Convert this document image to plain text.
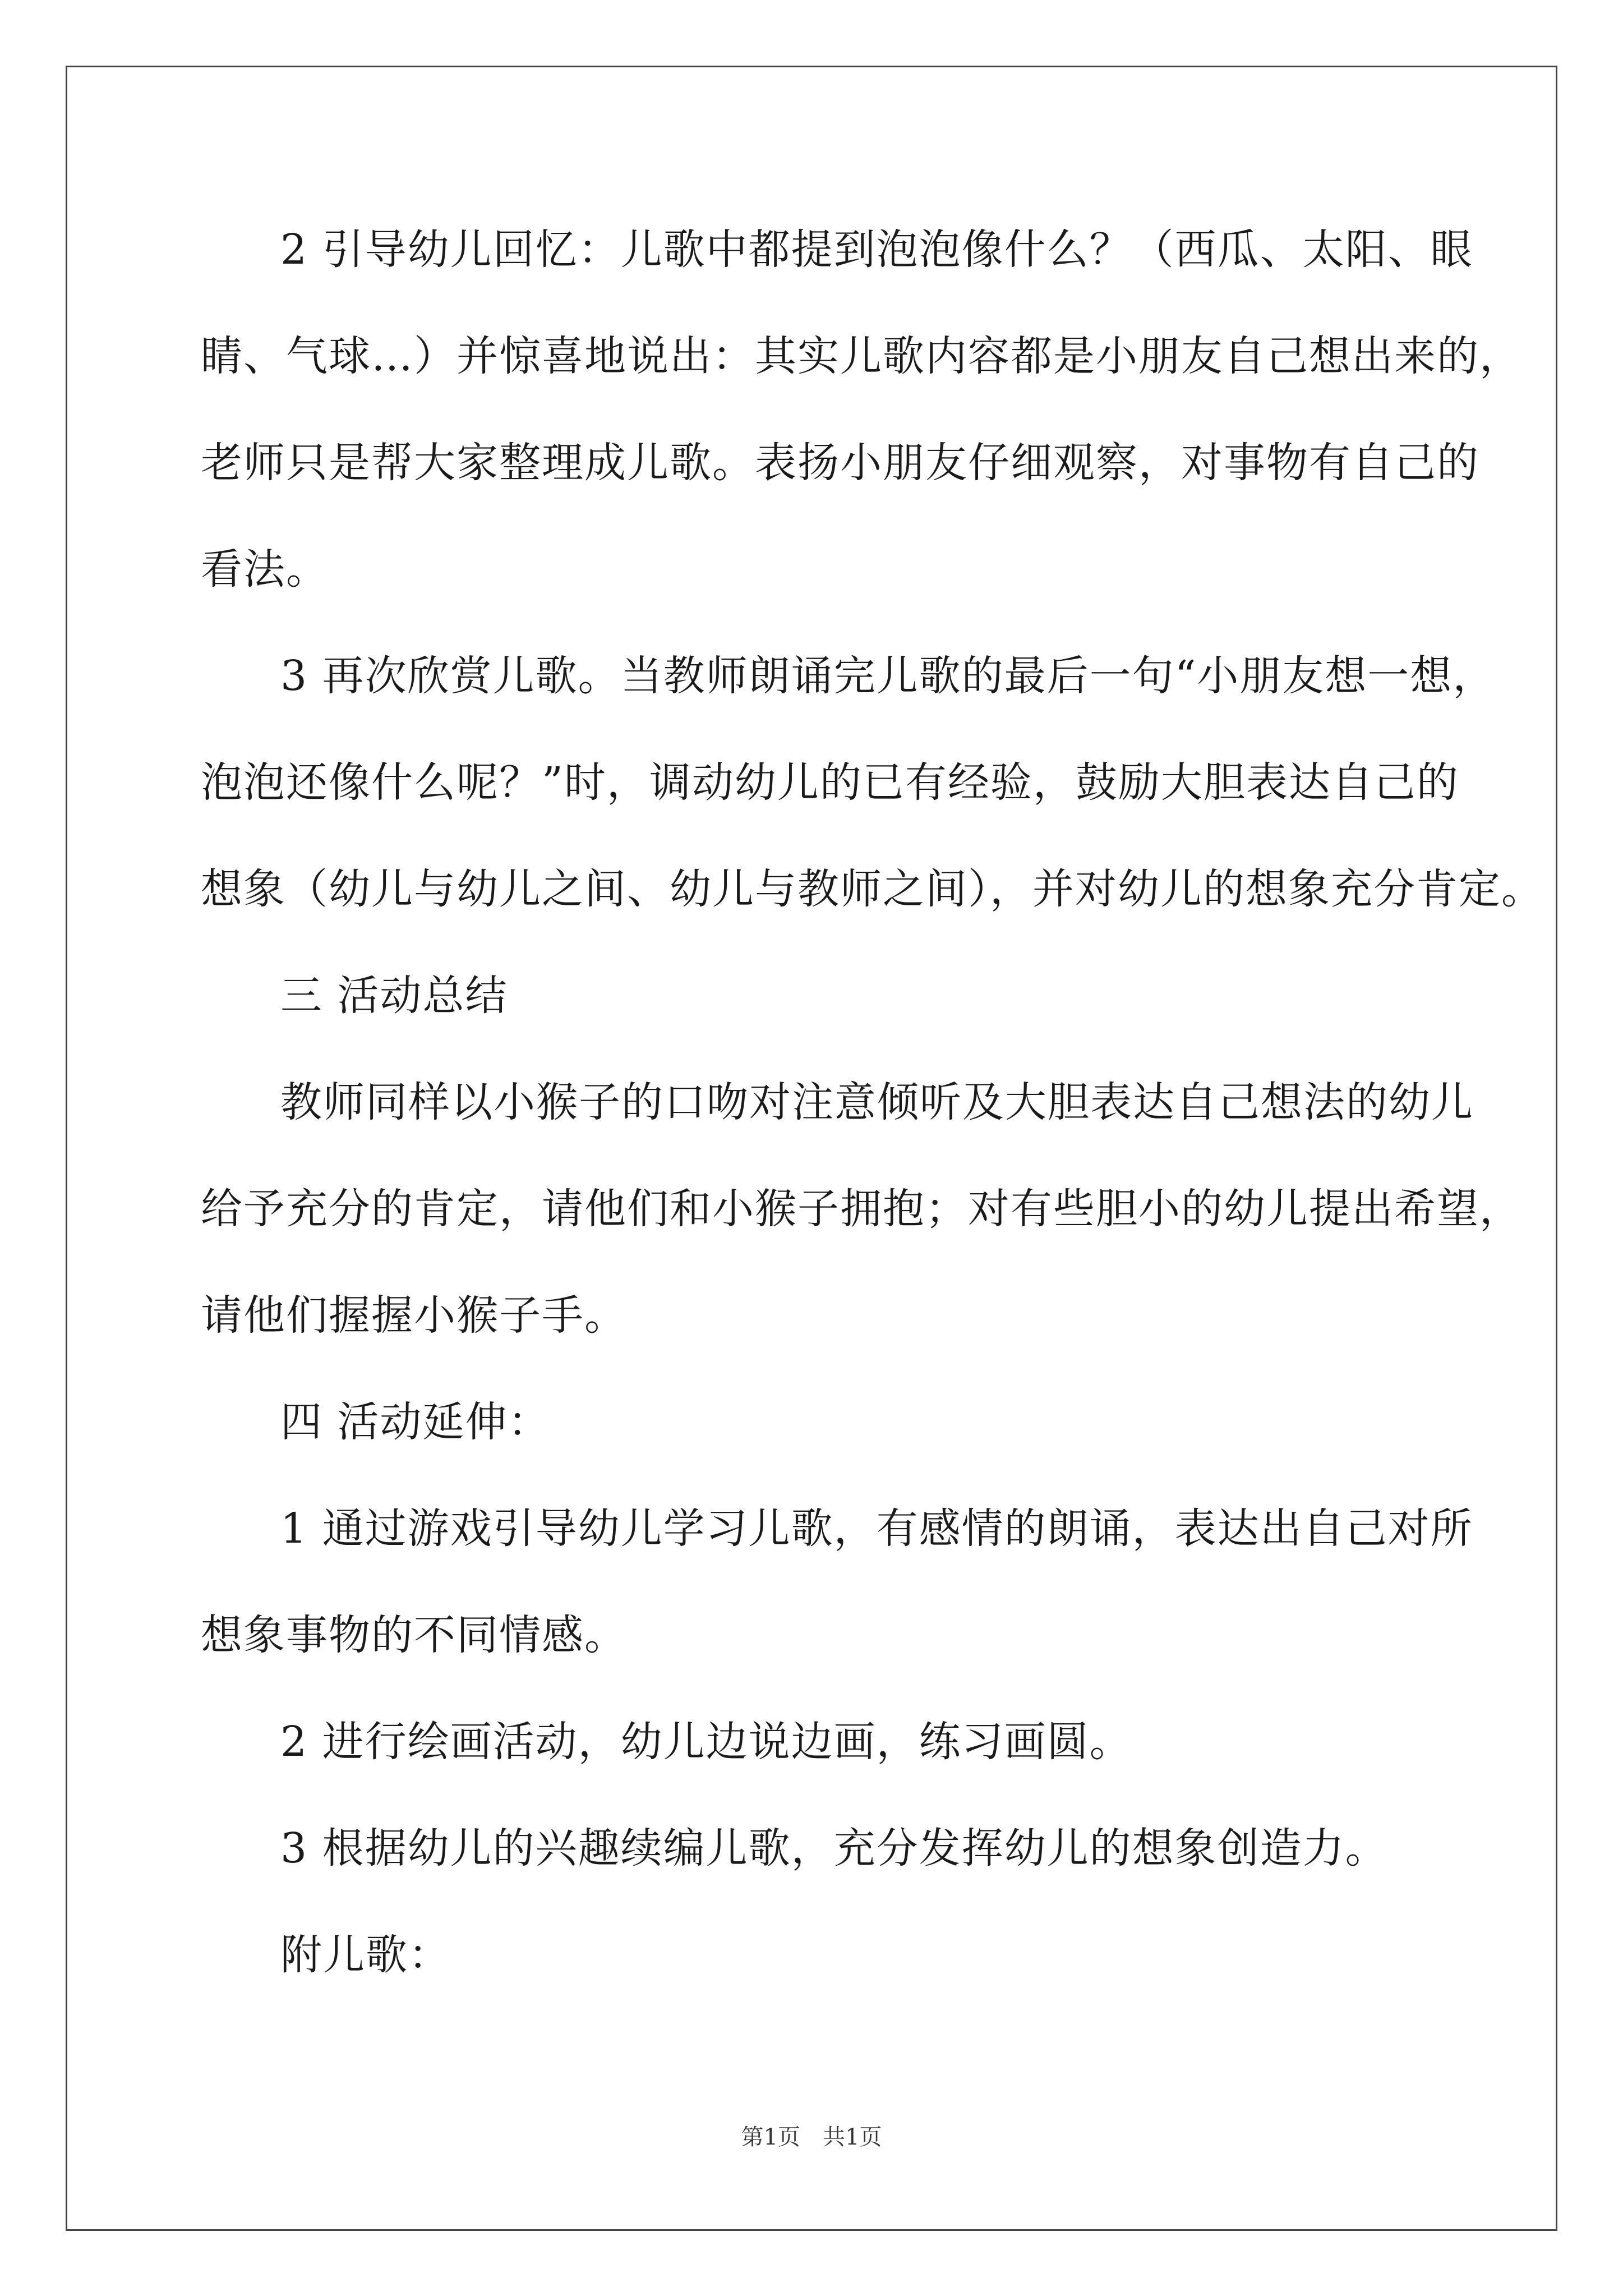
2 引导幼儿回忆：儿歌中都提到泡泡像什么？（西瓜、太阳、眼
睛、气球…）并惊喜地说出：其实儿歌内容都是小朋友自己想出来的，
老师只是帮大家整理成儿歌。表扬小朋友仔细观察，对事物有自己的
看法。
3 再次欣赏儿歌。当教师朗诵完儿歌的最后一句“小朋友想一想，
泡泡还像什么呢？”时，调动幼儿的已有经验，鼓励大胆表达自己的
想象（幼儿与幼儿之间、幼儿与教师之间），并对幼儿的想象充分肯定。
三 活动总结
教师同样以小猴子的口吻对注意倾听及大胆表达自己想法的幼儿
给予充分的肯定，请他们和小猴子拥抱；对有些胆小的幼儿提出希望，
请他们握握小猴子手。
四 活动延伸：
1 通过游戏引导幼儿学习儿歌，有感情的朗诵，表达出自己对所
想象事物的不同情感。
2 进行绘画活动，幼儿边说边画，练习画圆。
3 根据幼儿的兴趣续编儿歌，充分发挥幼儿的想象创造力。
附儿歌：
第1页　共1页
